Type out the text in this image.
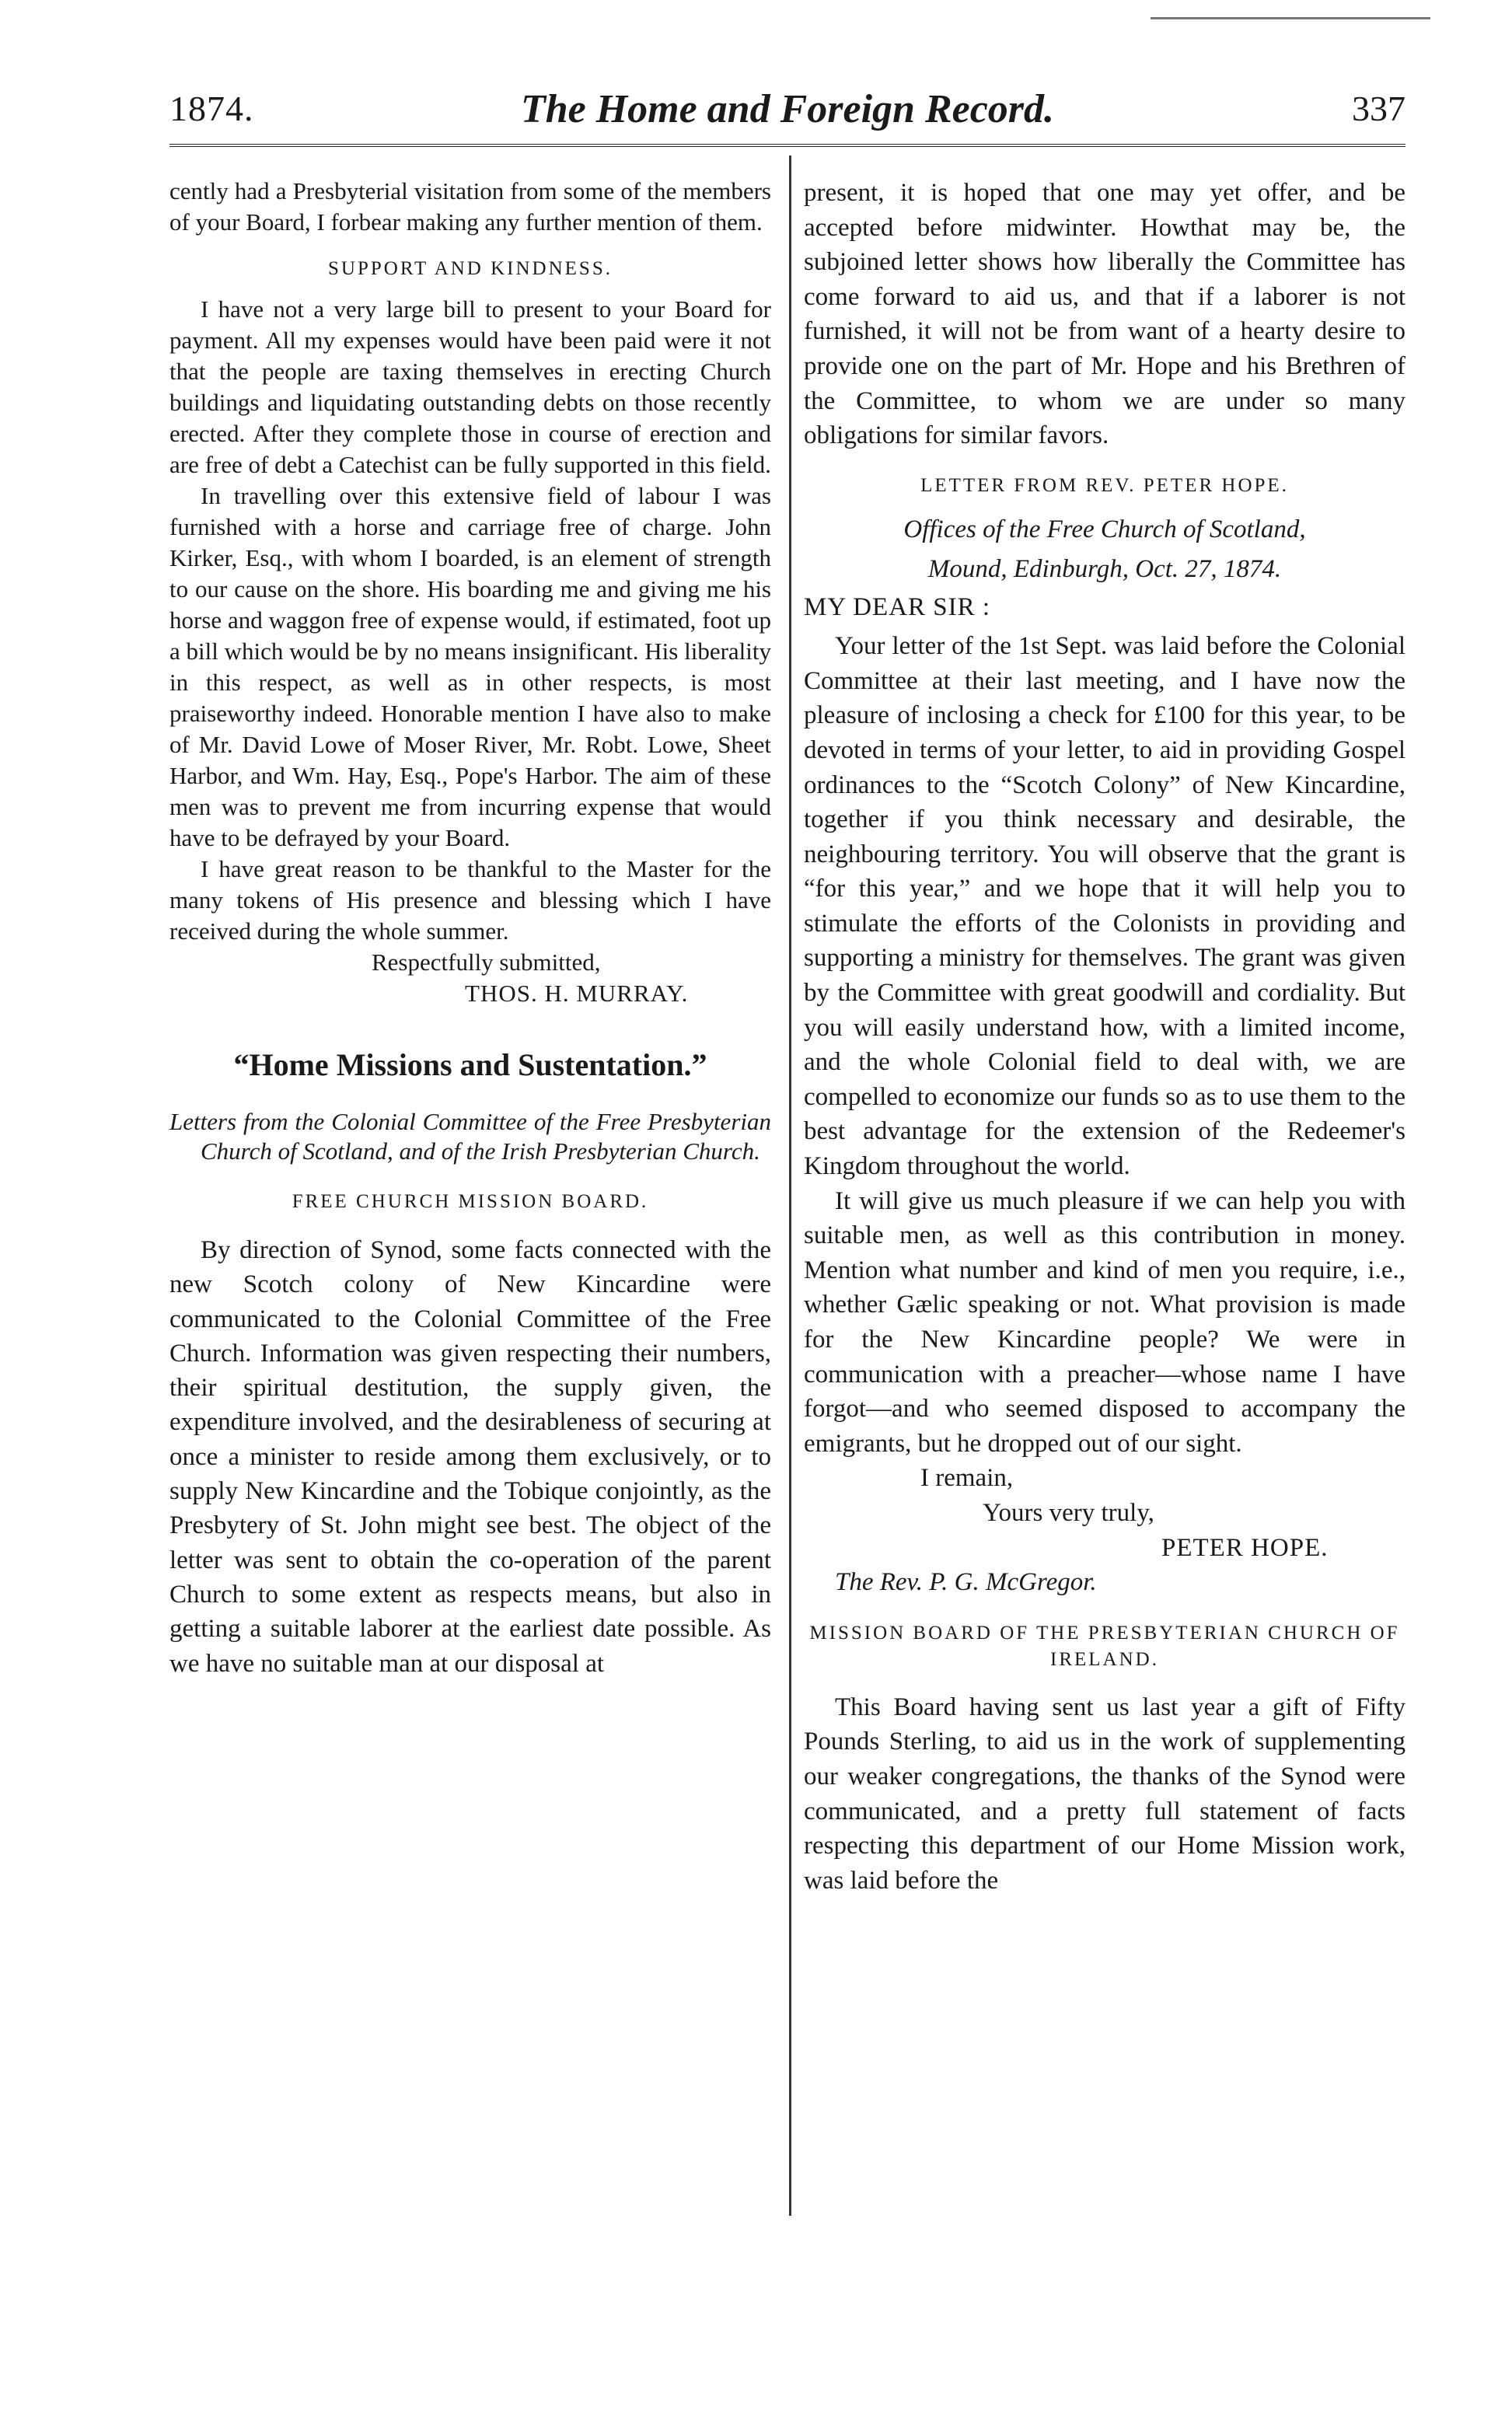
1874.	The Home and Foreign Record.	337

cently had a Presbyterial visitation from some of the members of your Board, I forbear making any further mention of them.

SUPPORT AND KINDNESS.

I have not a very large bill to present to your Board for payment. All my expenses would have been paid were it not that the people are taxing themselves in erecting Church buildings and liquidating outstanding debts on those recently erected. After they complete those in course of erection and are free of debt a Catechist can be fully supported in this field.

In travelling over this extensive field of labour I was furnished with a horse and carriage free of charge. John Kirker, Esq., with whom I boarded, is an element of strength to our cause on the shore. His boarding me and giving me his horse and waggon free of expense would, if estimated, foot up a bill which would be by no means insignificant. His liberality in this respect, as well as in other respects, is most praiseworthy indeed. Honorable mention I have also to make of Mr. David Lowe of Moser River, Mr. Robt. Lowe, Sheet Harbor, and Wm. Hay, Esq., Pope's Harbor. The aim of these men was to prevent me from incurring expense that would have to be defrayed by your Board.

I have great reason to be thankful to the Master for the many tokens of His presence and blessing which I have received during the whole summer.

Respectfully submitted,

THOS. H. MURRAY.

“Home Missions and Sustentation.”

Letters from the Colonial Committee of the Free Presbyterian Church of Scotland, and of the Irish Presbyterian Church.

FREE CHURCH MISSION BOARD.

By direction of Synod, some facts connected with the new Scotch colony of New Kincardine were communicated to the Colonial Committee of the Free Church. Information was given respecting their numbers, their spiritual destitution, the supply given, the expenditure involved, and the desirableness of securing at once a minister to reside among them exclusively, or to supply New Kincardine and the Tobique conjointly, as the Presbytery of St. John might see best. The object of the letter was sent to obtain the co-operation of the parent Church to some extent as respects means, but also in getting a suitable laborer at the earliest date possible. As we have no suitable man at our disposal at

present, it is hoped that one may yet offer, and be accepted before midwinter. Howthat may be, the subjoined letter shows how liberally the Committee has come forward to aid us, and that if a laborer is not furnished, it will not be from want of a hearty desire to provide one on the part of Mr. Hope and his Brethren of the Committee, to whom we are under so many obligations for similar favors.

LETTER FROM REV. PETER HOPE.

Offices of the Free Church of Scotland,

Mound, Edinburgh, Oct. 27, 1874.

MY DEAR SIR :

Your letter of the 1st Sept. was laid before the Colonial Committee at their last meeting, and I have now the pleasure of inclosing a check for £100 for this year, to be devoted in terms of your letter, to aid in providing Gospel ordinances to the “Scotch Colony” of New Kincardine, together if you think necessary and desirable, the neighbouring territory. You will observe that the grant is “for this year,” and we hope that it will help you to stimulate the efforts of the Colonists in providing and supporting a ministry for themselves. The grant was given by the Committee with great goodwill and cordiality. But you will easily understand how, with a limited income, and the whole Colonial field to deal with, we are compelled to economize our funds so as to use them to the best advantage for the extension of the Redeemer's Kingdom throughout the world.

It will give us much pleasure if we can help you with suitable men, as well as this contribution in money. Mention what number and kind of men you require, i.e., whether Gælic speaking or not. What provision is made for the New Kincardine people? We were in communication with a preacher—whose name I have forgot—and who seemed disposed to accompany the emigrants, but he dropped out of our sight.

I remain,

Yours very truly,

PETER HOPE.

The Rev. P. G. McGregor.

MISSION BOARD OF THE PRESBYTERIAN CHURCH OF IRELAND.

This Board having sent us last year a gift of Fifty Pounds Sterling, to aid us in the work of supplementing our weaker congregations, the thanks of the Synod were communicated, and a pretty full statement of facts respecting this department of our Home Mission work, was laid before the
